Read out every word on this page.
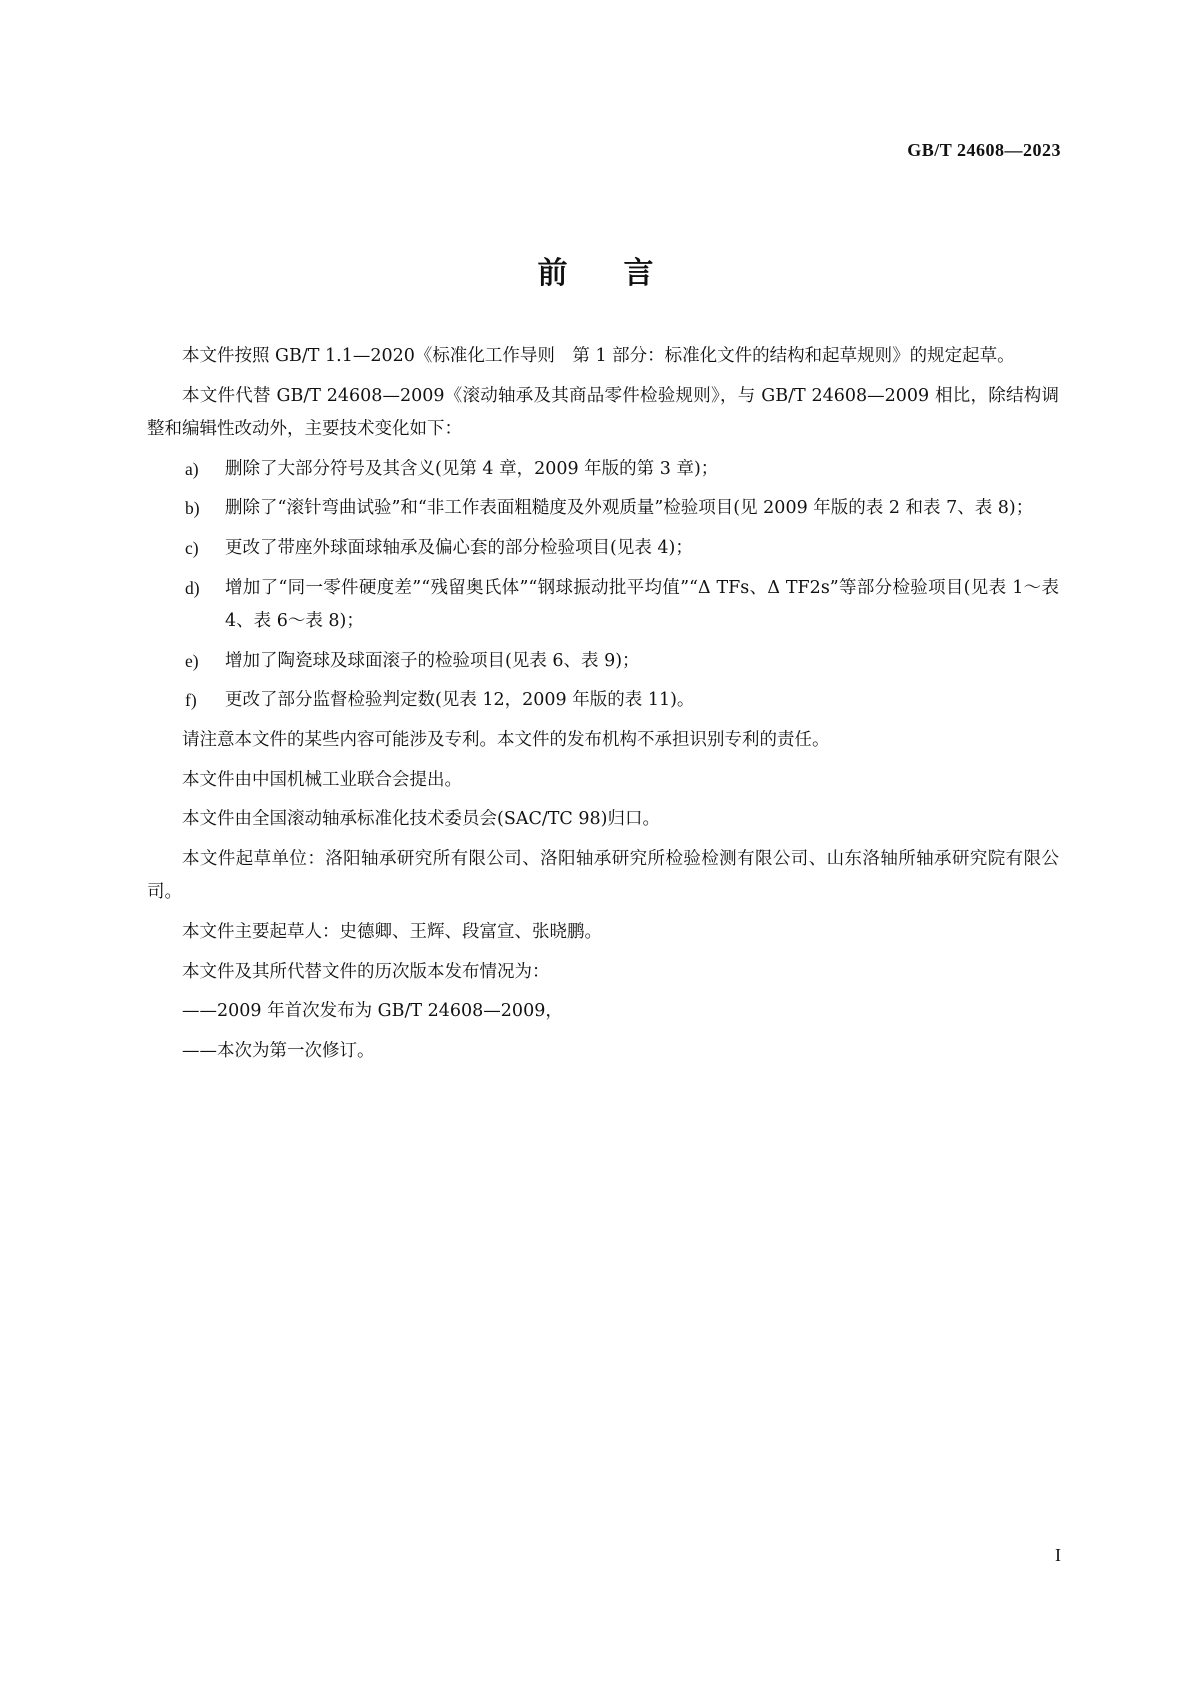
GB/T 24608—2023
前言

本文件按照 GB/T 1.1—2020《标准化工作导则　第 1 部分：标准化文件的结构和起草规则》的规定起草。

本文件代替 GB/T 24608—2009《滚动轴承及其商品零件检验规则》，与 GB/T 24608—2009 相比，除结构调整和编辑性改动外，主要技术变化如下：

a) 删除了大部分符号及其含义(见第 4 章，2009 年版的第 3 章)；
b) 删除了“滚针弯曲试验”和“非工作表面粗糙度及外观质量”检验项目(见 2009 年版的表 2 和表 7、表 8)；
c) 更改了带座外球面球轴承及偏心套的部分检验项目(见表 4)；
d) 增加了“同一零件硬度差”“残留奥氏体”“钢球振动批平均值”“Δ TFs、Δ TF2s”等部分检验项目(见表 1～表 4、表 6～表 8)；
e) 增加了陶瓷球及球面滚子的检验项目(见表 6、表 9)；
f) 更改了部分监督检验判定数(见表 12，2009 年版的表 11)。

请注意本文件的某些内容可能涉及专利。本文件的发布机构不承担识别专利的责任。

本文件由中国机械工业联合会提出。

本文件由全国滚动轴承标准化技术委员会(SAC/TC 98)归口。

本文件起草单位：洛阳轴承研究所有限公司、洛阳轴承研究所检验检测有限公司、山东洛轴所轴承研究院有限公司。

本文件主要起草人：史德卿、王辉、段富宣、张晓鹏。

本文件及其所代替文件的历次版本发布情况为：

——2009 年首次发布为 GB/T 24608—2009，

——本次为第一次修订。

I
